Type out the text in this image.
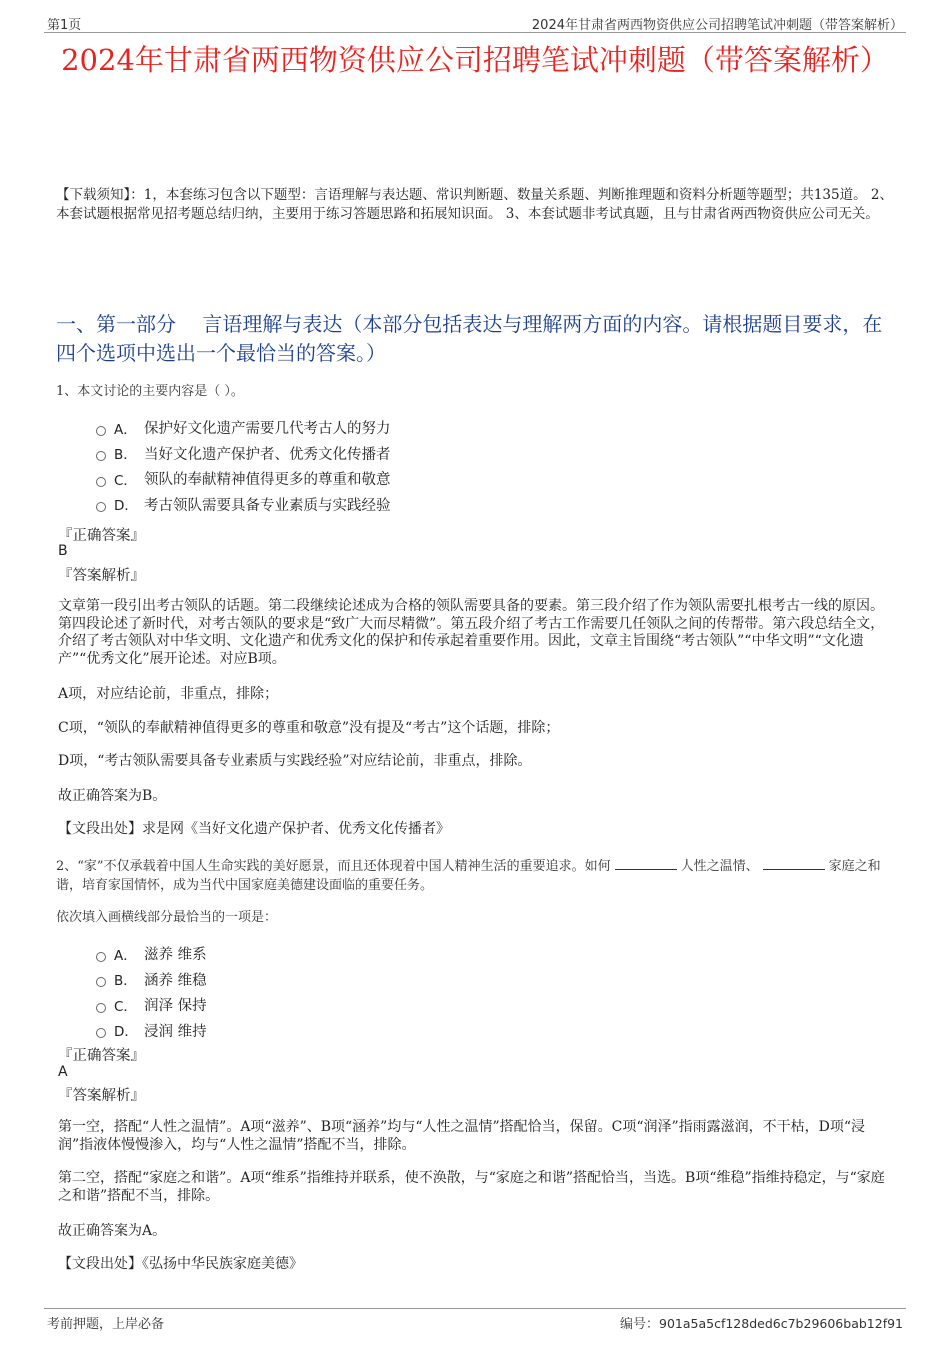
第1页	2024年甘肃省两西物资供应公司招聘笔试冲刺题（带答案解析）
2024年甘肃省两西物资供应公司招聘笔试冲刺题（带答案解析）
【下载须知】：1，本套练习包含以下题型：言语理解与表达题、常识判断题、数量关系题、判断推理题和资料分析题等题型；共135道。 2、本套试题根据常见招考题总结归纳，主要用于练习答题思路和拓展知识面。 3、本套试题非考试真题，且与甘肃省两西物资供应公司无关。
一、第一部分　 言语理解与表达（本部分包括表达与理解两方面的内容。请根据题目要求，在四个选项中选出一个最恰当的答案。）
1、本文讨论的主要内容是（ ）。
A． 保护好文化遗产需要几代考古人的努力
B． 当好文化遗产保护者、优秀文化传播者
C． 领队的奉献精神值得更多的尊重和敬意
D． 考古领队需要具备专业素质与实践经验
『正确答案』
B
『答案解析』
文章第一段引出考古领队的话题。第二段继续论述成为合格的领队需要具备的要素。第三段介绍了作为领队需要扎根考古一线的原因。第四段论述了新时代，对考古领队的要求是“致广大而尽精微”。第五段介绍了考古工作需要几任领队之间的传帮带。第六段总结全文，介绍了考古领队对中华文明、文化遗产和优秀文化的保护和传承起着重要作用。因此，文章主旨围绕“考古领队”“中华文明”“文化遗产”“优秀文化”展开论述。对应B项。
A项，对应结论前，非重点，排除；
C项，“领队的奉献精神值得更多的尊重和敬意”没有提及“考古”这个话题，排除；
D项，“考古领队需要具备专业素质与实践经验”对应结论前，非重点，排除。
故正确答案为B。
【文段出处】求是网《当好文化遗产保护者、优秀文化传播者》
2、“家”不仅承载着中国人生命实践的美好愿景，而且还体现着中国人精神生活的重要追求。如何	人性之温情、	家庭之和谐，培育家国情怀，成为当代中国家庭美德建设面临的重要任务。
依次填入画横线部分最恰当的一项是：
A． 滋养 维系
B． 涵养 维稳
C． 润泽 保持
D． 浸润 维持
『正确答案』
A
『答案解析』
第一空，搭配“人性之温情”。A项“滋养”、B项“涵养”均与“人性之温情”搭配恰当，保留。C项“润泽”指雨露滋润，不干枯，D项“浸润”指液体慢慢渗入，均与“人性之温情”搭配不当，排除。
第二空，搭配“家庭之和谐”。A项“维系”指维持并联系，使不涣散，与“家庭之和谐”搭配恰当，当选。B项“维稳”指维持稳定，与“家庭之和谐”搭配不当，排除。
故正确答案为A。
【文段出处】《弘扬中华民族家庭美德》
考前押题，上岸必备	编号：901a5a5cf128ded6c7b29606bab12f91
